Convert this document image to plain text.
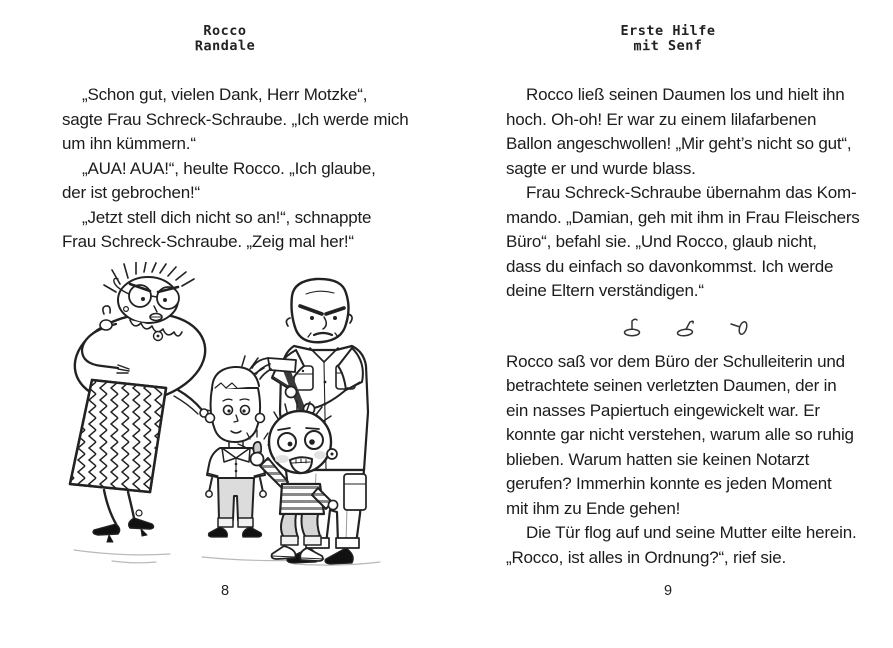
Rocco
Randale
Erste Hilfe
mit Senf
„Schon gut, vielen Dank, Herr Motzke“,
sagte Frau Schreck-Schraube. „Ich werde mich
um ihn kümmern.“
„AUA! AUA!“, heulte Rocco. „Ich glaube,
der ist gebrochen!“
„Jetzt stell dich nicht so an!“, schnappte
Frau Schreck-Schraube. „Zeig mal her!“
Rocco ließ seinen Daumen los und hielt ihn
hoch. Oh-oh! Er war zu einem lilafarbenen
Ballon angeschwollen! „Mir geht’s nicht so gut“,
sagte er und wurde blass.
Frau Schreck-Schraube übernahm das Kom-
mando. „Damian, geh mit ihm in Frau Fleischers
Büro“, befahl sie. „Und Rocco, glaub nicht,
dass du einfach so davonkommst. Ich werde
deine Eltern verständigen.“
Rocco saß vor dem Büro der Schulleiterin und
betrachtete seinen verletzten Daumen, der in
ein nasses Papiertuch eingewickelt war. Er
konnte gar nicht verstehen, warum alle so ruhig
blieben. Warum hatten sie keinen Notarzt
gerufen? Immerhin konnte es jeden Moment
mit ihm zu Ende gehen!
Die Tür flog auf und seine Mutter eilte herein.
„Rocco, ist alles in Ordnung?“, rief sie.
8	9
